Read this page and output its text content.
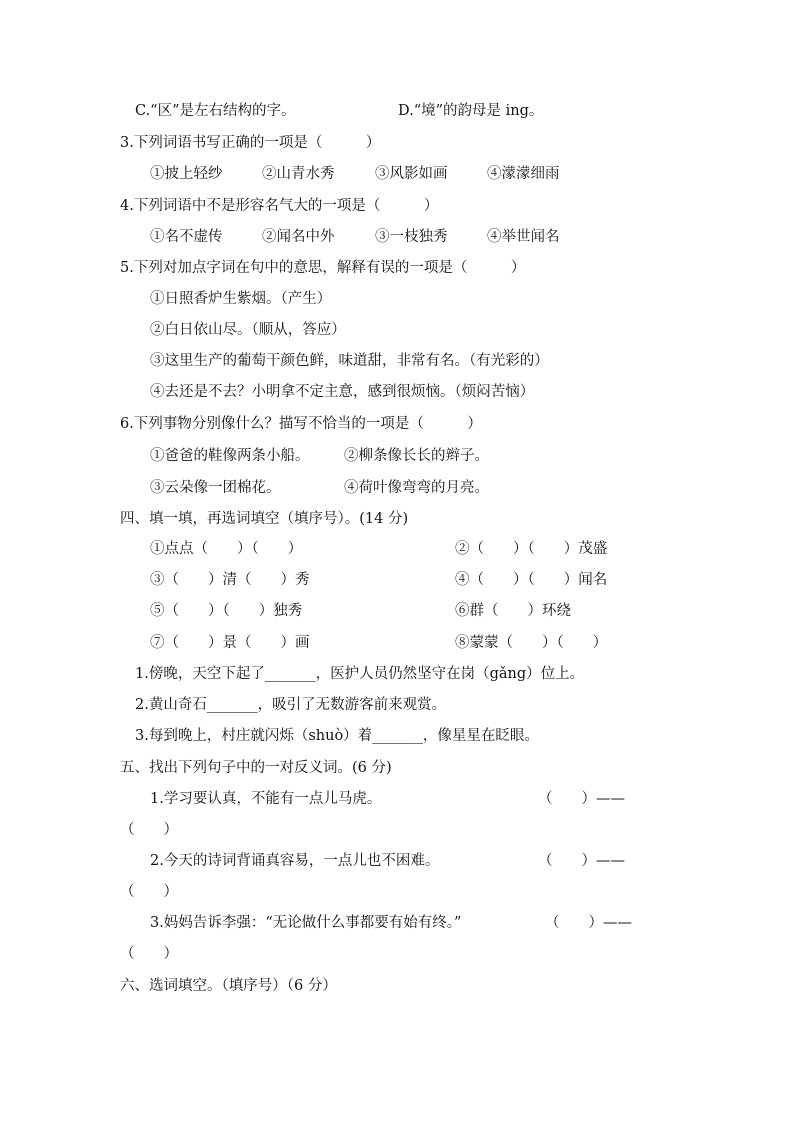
C.“区”是左右结构的字。	D.“境”的韵母是 ing。
3.下列词语书写正确的一项是（　　　）
①披上轻纱	②山青水秀	③风影如画	④濛濛细雨
4.下列词语中不是形容名气大的一项是（　　　）
①名不虚传	②闻名中外	③一枝独秀	④举世闻名
5.下列对加点字词在句中的意思，解释有误的一项是（　　　）
①日照香炉生紫烟。（产生）
②白日依山尽。（顺从，答应）
③这里生产的葡萄干颜色鲜，味道甜，非常有名。（有光彩的）
④去还是不去？小明拿不定主意，感到很烦恼。（烦闷苦恼）
6.下列事物分别像什么？描写不恰当的一项是（　　　）
①爸爸的鞋像两条小船。 ②柳条像长长的辫子。
③云朵像一团棉花。	④荷叶像弯弯的月亮。
四、填一填，再选词填空（填序号）。(14 分)
①点点（　　）（　　）	②（　　）（　　）茂盛
③（　　）清（　　）秀	④（　　）（　　）闻名
⑤（　　）（　　）独秀	⑥群（　　）环绕
⑦（　　）景（　　）画	⑧蒙蒙（　　）（　　）
1.傍晚，天空下起了_______，医护人员仍然坚守在岗（gǎng）位上。
2.黄山奇石_______，吸引了无数游客前来观赏。
3.每到晚上，村庄就闪烁（shuò）着_______，像星星在眨眼。
五、找出下列句子中的一对反义词。(6 分)
1.学习要认真，不能有一点儿马虎。	（　　）——
（　　）
2.今天的诗词背诵真容易，一点儿也不困难。	（　　）——
（　　）
3.妈妈告诉李强：“无论做什么事都要有始有终。”	（　　）——
（　　）
六、选词填空。（填序号）（6 分）
